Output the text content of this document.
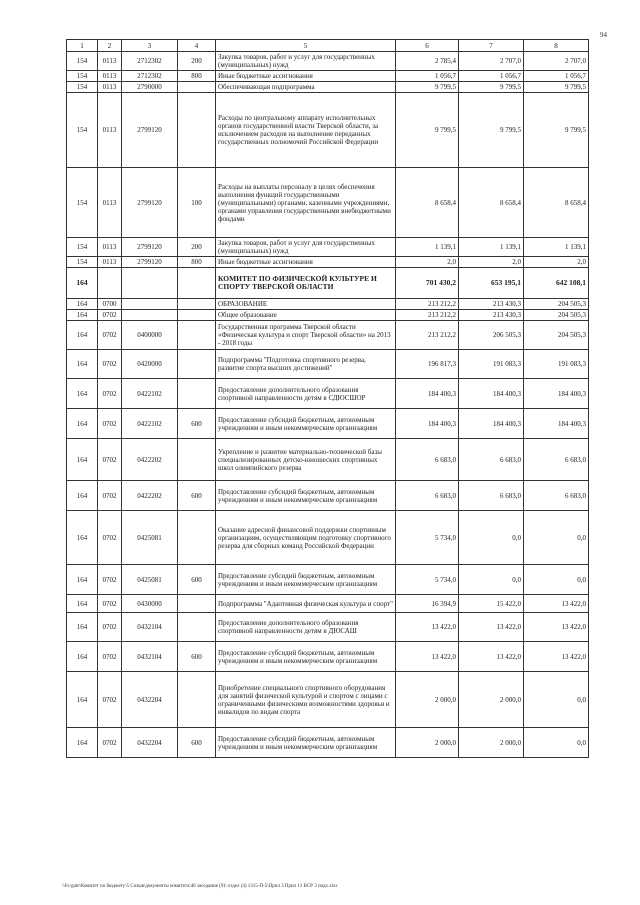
94
1	2	3	4	5	6	7	8
154	0113	2712302	200	Закупка товаров, работ и услуг для государственных (муниципальных) нужд	2 785,4	2 707,0	2 707,0
154	0113	2712302	800	Иные бюджетные ассигнования	1 056,7	1 056,7	1 056,7
154	0113	2790000		Обеспечивающая подпрограмма	9 799,5	9 799,5	9 799,5
154	0113	2799120		Расходы по центральному аппарату исполнительных органов государственной власти Тверской области, за исключением расходов на выполнение переданных государственных полномочий Российской Федерации	9 799,5	9 799,5	9 799,5
154	0113	2799120	100	Расходы на выплаты персоналу в целях обеспечения выполнения функций государственными (муниципальными) органами, казенными учреждениями, органами управления государственными внебюджетными фондами	8 658,4	8 658,4	8 658,4
154	0113	2799120	200	Закупка товаров, работ и услуг для государственных (муниципальных) нужд	1 139,1	1 139,1	1 139,1
154	0113	2799120	800	Иные бюджетные ассигнования	2,0	2,0	2,0
164				КОМИТЕТ ПО ФИЗИЧЕСКОЙ КУЛЬТУРЕ И СПОРТУ ТВЕРСКОЙ ОБЛАСТИ	701 430,2	653 195,1	642 108,1
164	0700			ОБРАЗОВАНИЕ	213 212,2	213 430,3	204 505,3
164	0702			Общее образование	213 212,2	213 430,3	204 505,3
164	0702	0400000		Государственная программа Тверской области «Физическая культура и спорт Тверской области» на 2013 - 2018 годы	213 212,2	206 505,3	204 505,3
164	0702	0420000		Подпрограмма "Подготовка спортивного резерва, развитие спорта высших достижений"	196 817,3	191 083,3	191 083,3
164	0702	0422102		Предоставление дополнительного образования спортивной направленности детям в СДЮСШОР	184 400,3	184 400,3	184 400,3
164	0702	0422102	600	Предоставление субсидий бюджетным, автономным учреждениям и иным некоммерческим организациям	184 400,3	184 400,3	184 400,3
164	0702	0422202		Укрепление и развитие материально-технической базы специализированных детско-юношеских спортивных школ олимпийского резерва	6 683,0	6 683,0	6 683,0
164	0702	0422202	600	Предоставление субсидий бюджетным, автономным учреждениям и иным некоммерческим организациям	6 683,0	6 683,0	6 683,0
164	0702	0425081		Оказание адресной финансовой поддержки спортивным организациям, осуществляющим подготовку спортивного резерва для сборных команд Российской Федерации	5 734,0	0,0	0,0
164	0702	0425081	600	Предоставление субсидий бюджетным, автономным учреждениям и иным некоммерческим организациям	5 734,0	0,0	0,0
164	0702	0430000		Подпрограмма "Адаптивная физическая культура и спорт"	16 394,9	15 422,0	13 422,0
164	0702	0432104		Предоставление дополнительного образования спортивной направленности детям в ДЮСАШ	13 422,0	13 422,0	13 422,0
164	0702	0432104	600	Предоставление субсидий бюджетным, автономным учреждениям и иным некоммерческим организациям	13 422,0	13 422,0	13 422,0
164	0702	0432204		Приобретение специального спортивного оборудования для занятий физической культурой и спортом с лицами с ограниченными физическими возможностями здоровья и инвалидов по видам спорта	2 000,0	2 000,0	0,0
164	0702	0432204	600	Предоставление субсидий бюджетным, автономным учреждениям и иным некоммерческим организациям	2 000,0	2 000,0	0,0
\\Fs-gate\Комитет по бюджету\5 Созыв\документы комитета\46 заседание (9)\ отдел (4) 1315-П-5\Прил 3 Прил 11 ВСР 3 подх.xlsx
